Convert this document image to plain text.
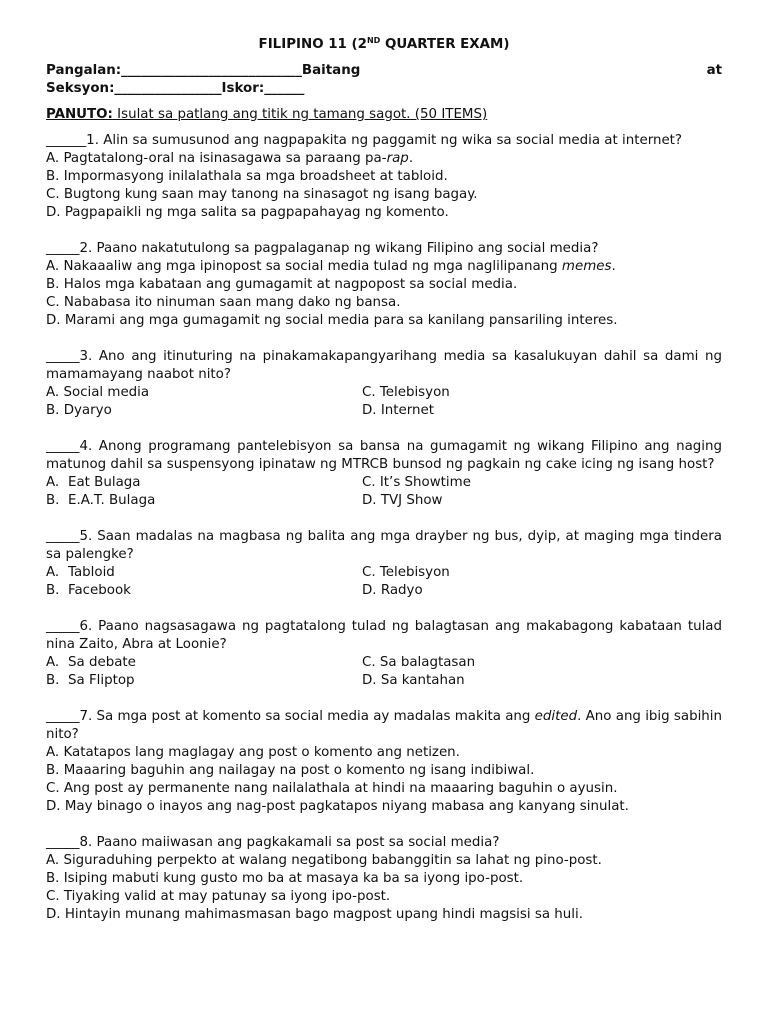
FILIPINO 11 (2ND QUARTER EXAM)
Pangalan:___________________________Baitang	at
Seksyon:________________Iskor:______
PANUTO: Isulat sa patlang ang titik ng tamang sagot. (50 ITEMS)
______1. Alin sa sumusunod ang nagpapakita ng paggamit ng wika sa social media at internet?
A. Pagtatalong-oral na isinasagawa sa paraang pa-rap.
B. Impormasyong inilalathala sa mga broadsheet at tabloid.
C. Bugtong kung saan may tanong na sinasagot ng isang bagay.
D. Pagpapaikli ng mga salita sa pagpapahayag ng komento.
_____2. Paano nakatutulong sa pagpalaganap ng wikang Filipino ang social media?
A. Nakaaaliw ang mga ipinopost sa social media tulad ng mga naglilipanang memes.
B. Halos mga kabataan ang gumagamit at nagpopost sa social media.
C. Nababasa ito ninuman saan mang dako ng bansa.
D. Marami ang mga gumagamit ng social media para sa kanilang pansariling interes.
_____3. Ano ang itinuturing na pinakamakapangyarihang media sa kasalukuyan dahil sa dami ng mamamayang naabot nito?
A. Social media	C. Telebisyon
B. Dyaryo	D. Internet
_____4. Anong programang pantelebisyon sa bansa na gumagamit ng wikang Filipino ang naging matunog dahil sa suspensyong ipinataw ng MTRCB bunsod ng pagkain ng cake icing ng isang host?
A. Eat Bulaga	C. It’s Showtime
B. E.A.T. Bulaga	D. TVJ Show
_____5. Saan madalas na magbasa ng balita ang mga drayber ng bus, dyip, at maging mga tindera sa palengke?
A. Tabloid	C. Telebisyon
B. Facebook	D. Radyo
_____6. Paano nagsasagawa ng pagtatalong tulad ng balagtasan ang makabagong kabataan tulad nina Zaito, Abra at Loonie?
A. Sa debate	C. Sa balagtasan
B. Sa Fliptop	D. Sa kantahan
_____7. Sa mga post at komento sa social media ay madalas makita ang edited. Ano ang ibig sabihin nito?
A. Katatapos lang maglagay ang post o komento ang netizen.
B. Maaaring baguhin ang nailagay na post o komento ng isang indibiwal.
C. Ang post ay permanente nang nailalathala at hindi na maaaring baguhin o ayusin.
D. May binago o inayos ang nag-post pagkatapos niyang mabasa ang kanyang sinulat.
_____8. Paano maiiwasan ang pagkakamali sa post sa social media?
A. Siguraduhing perpekto at walang negatibong babanggitin sa lahat ng pino-post.
B. Isiping mabuti kung gusto mo ba at masaya ka ba sa iyong ipo-post.
C. Tiyaking valid at may patunay sa iyong ipo-post.
D. Hintayin munang mahimasmasan bago magpost upang hindi magsisi sa huli.
